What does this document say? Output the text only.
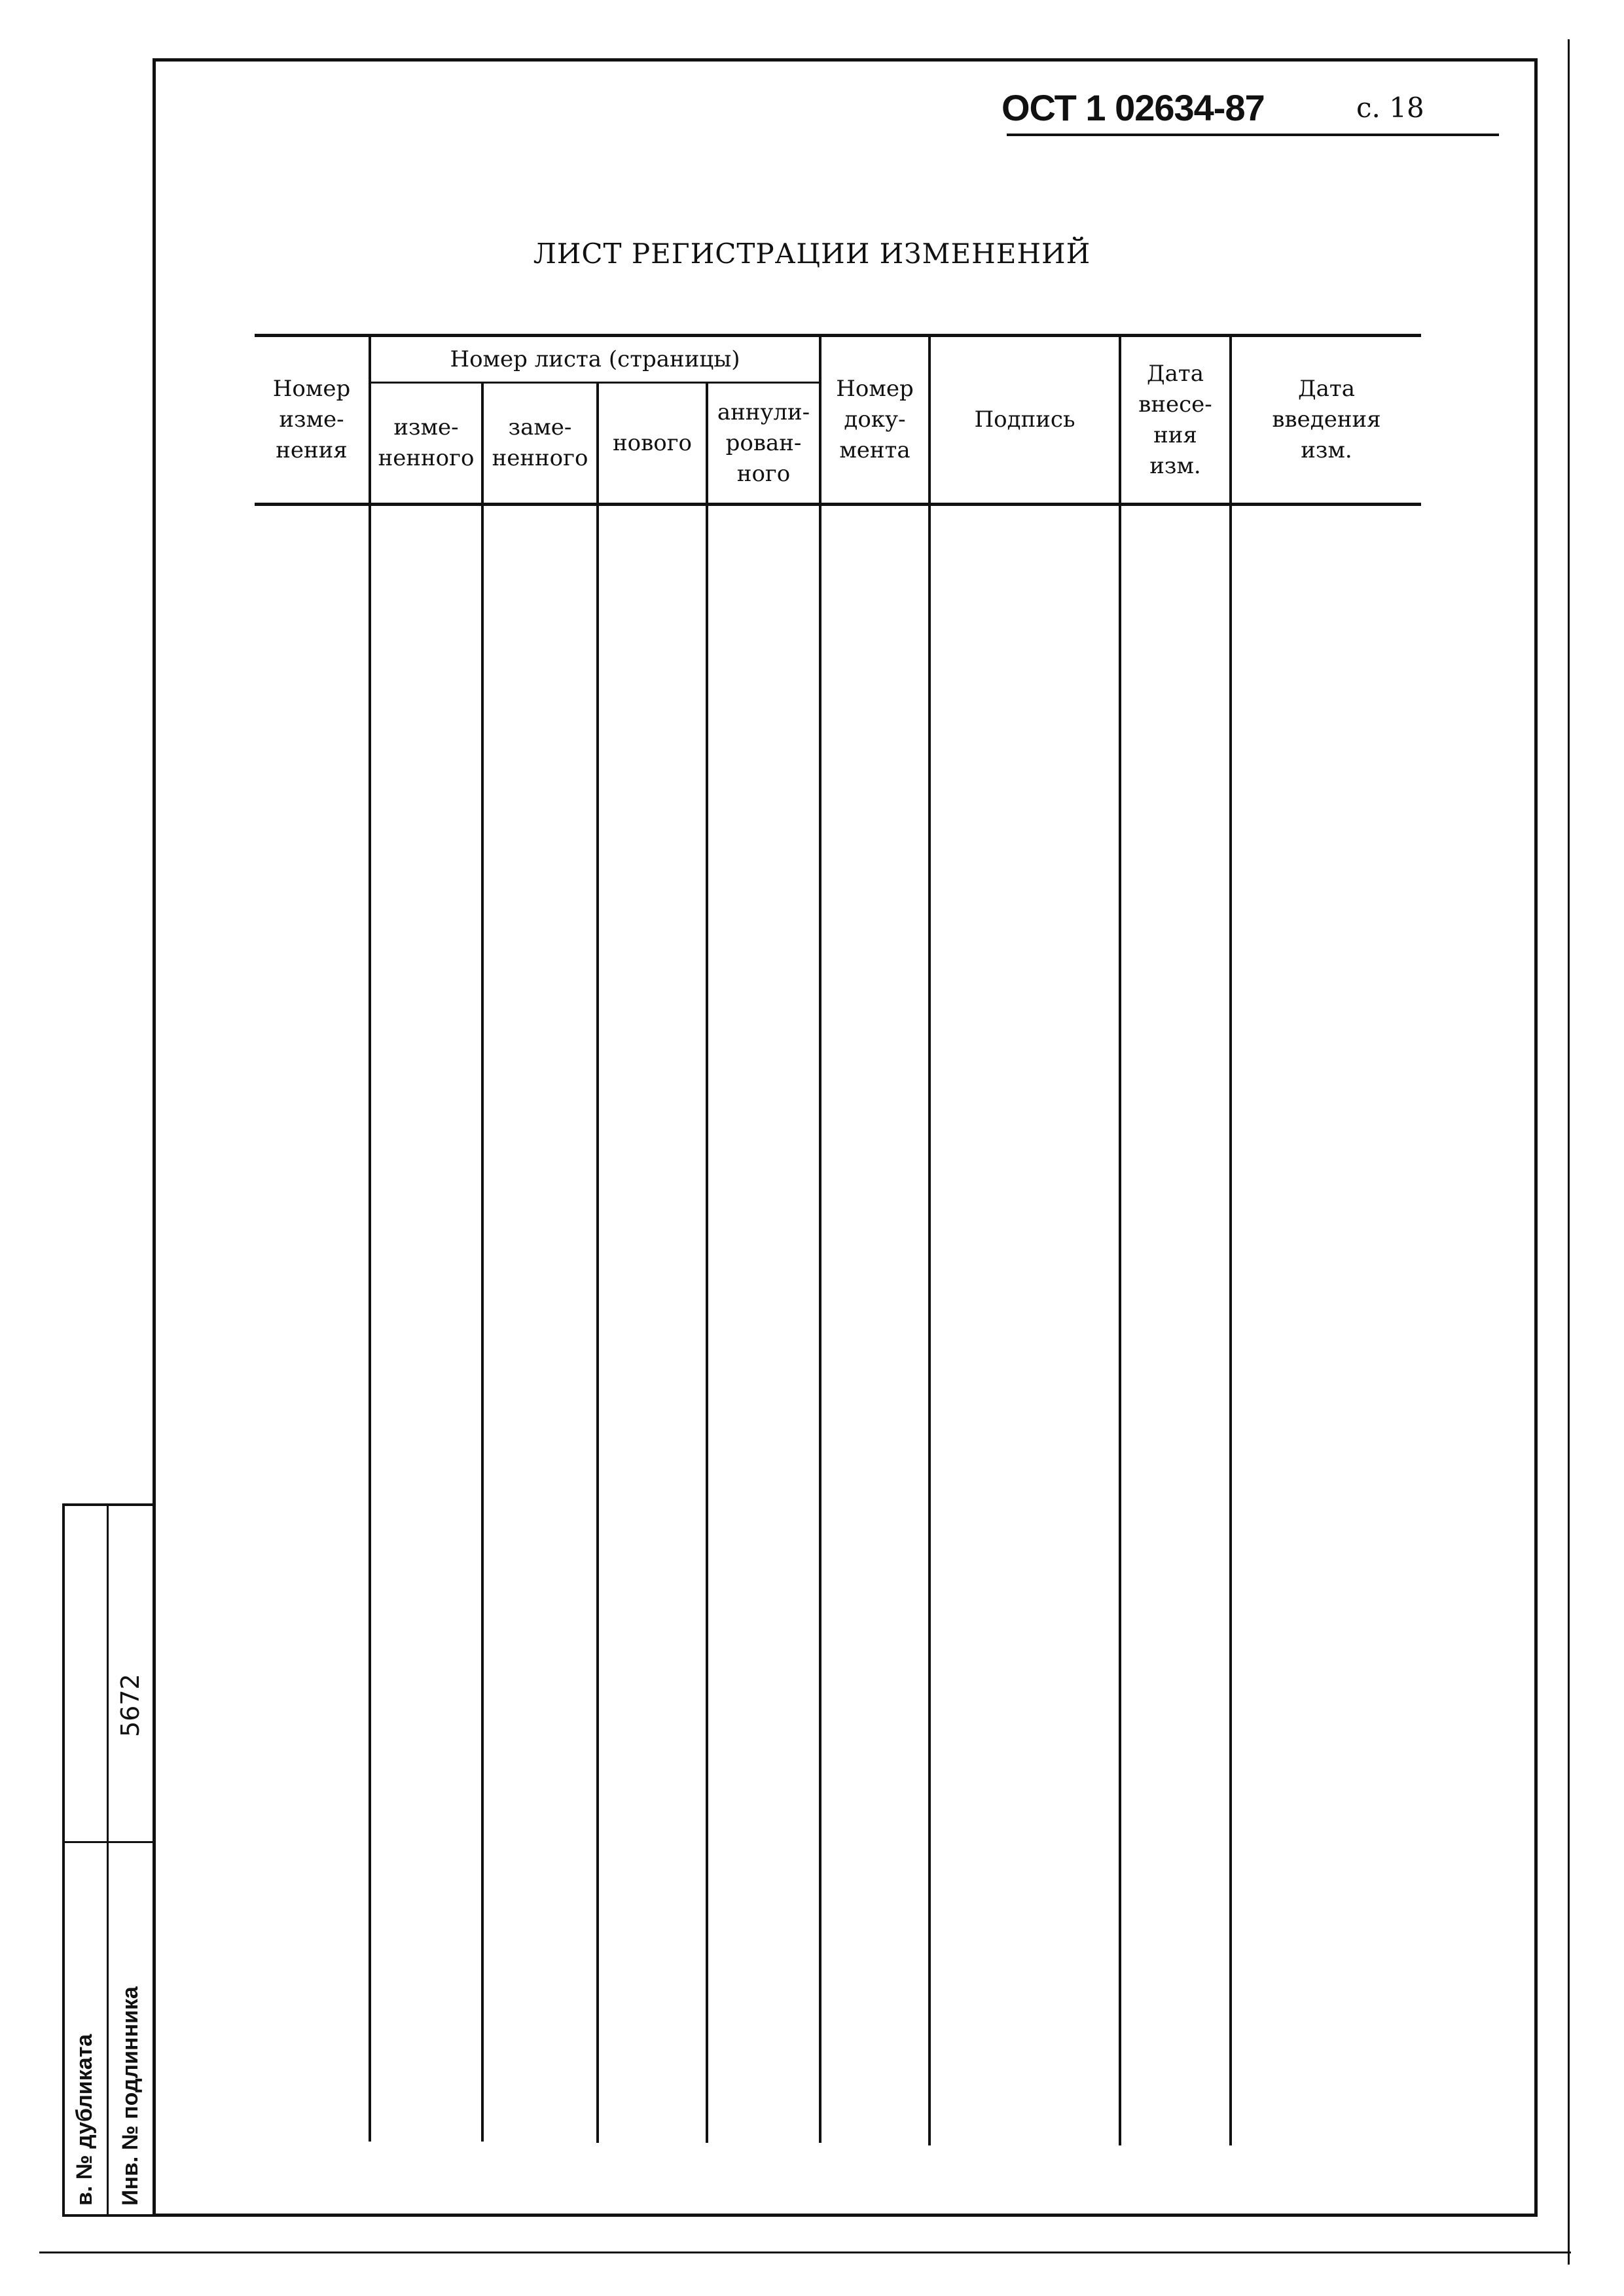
ОСТ 1 02634-87	с. 18
ЛИСТ РЕГИСТРАЦИИ ИЗМЕНЕНИЙ
Номер листа (страницы)
Номер
изме-
нения
изме-
ненного
заме-
ненного
нового
аннули-
рован-
ного
Номер
доку-
мента
Подпись
Дата
внесе-
ния
изм.
Дата
введения
изм.
в. № дубликата Инв. № подлинника
5672
